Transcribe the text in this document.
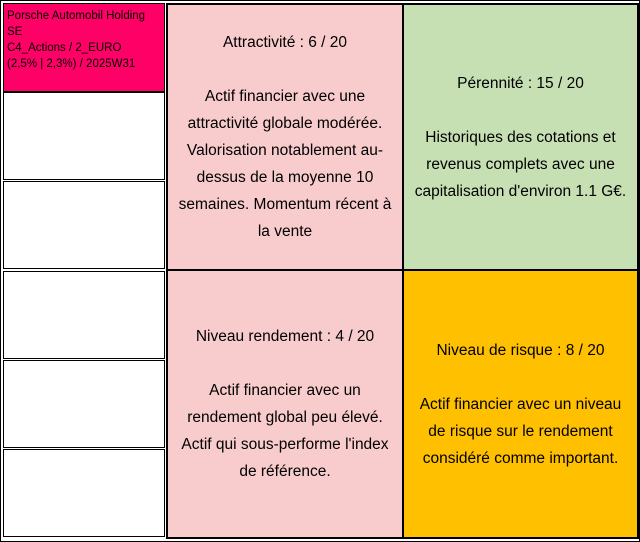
Porsche Automobil Holding
SE
C4_Actions / 2_EURO
(2,5% | 2,3%) / 2025W31
Attractivité : 6 / 20
Actif financier avec une attractivité globale modérée. Valorisation notablement au-dessus de la moyenne 10 semaines. Momentum récent à la vente
Pérennité : 15 / 20
Historiques des cotations et revenus complets avec une capitalisation d'environ 1.1 G€.
Niveau rendement : 4 / 20
Actif financier avec un rendement global peu élevé. Actif qui sous-performe l'index de référence.
Niveau de risque : 8 / 20
Actif financier avec un niveau de risque sur le rendement considéré comme important.
